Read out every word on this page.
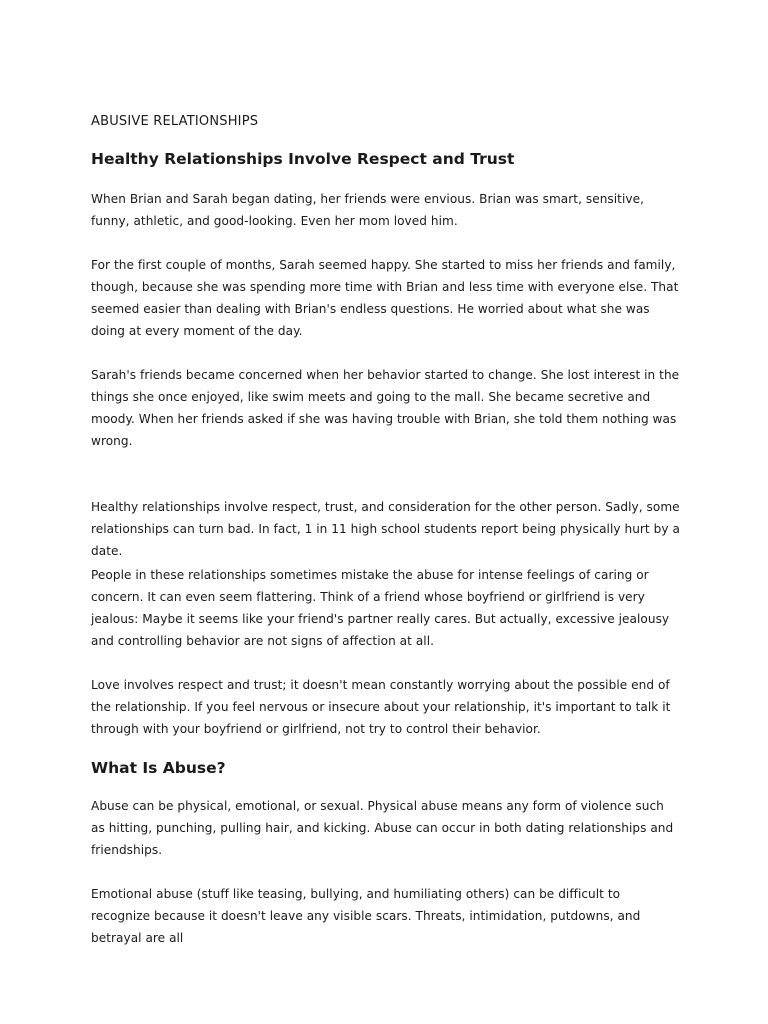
ABUSIVE RELATIONSHIPS
Healthy Relationships Involve Respect and Trust

When Brian and Sarah began dating, her friends were envious. Brian was smart, sensitive, funny, athletic, and good-looking. Even her mom loved him.

For the first couple of months, Sarah seemed happy. She started to miss her friends and family, though, because she was spending more time with Brian and less time with everyone else. That seemed easier than dealing with Brian's endless questions. He worried about what she was doing at every moment of the day.

Sarah's friends became concerned when her behavior started to change. She lost interest in the things she once enjoyed, like swim meets and going to the mall. She became secretive and moody. When her friends asked if she was having trouble with Brian, she told them nothing was wrong.

Healthy relationships involve respect, trust, and consideration for the other person. Sadly, some relationships can turn bad. In fact, 1 in 11 high school students report being physically hurt by a date.

People in these relationships sometimes mistake the abuse for intense feelings of caring or concern. It can even seem flattering. Think of a friend whose boyfriend or girlfriend is very jealous: Maybe it seems like your friend's partner really cares. But actually, excessive jealousy and controlling behavior are not signs of affection at all.

Love involves respect and trust; it doesn't mean constantly worrying about the possible end of the relationship. If you feel nervous or insecure about your relationship, it's important to talk it through with your boyfriend or girlfriend, not try to control their behavior.

What Is Abuse?

Abuse can be physical, emotional, or sexual. Physical abuse means any form of violence such as hitting, punching, pulling hair, and kicking. Abuse can occur in both dating relationships and friendships.

Emotional abuse (stuff like teasing, bullying, and humiliating others) can be difficult to recognize because it doesn't leave any visible scars. Threats, intimidation, putdowns, and betrayal are all
